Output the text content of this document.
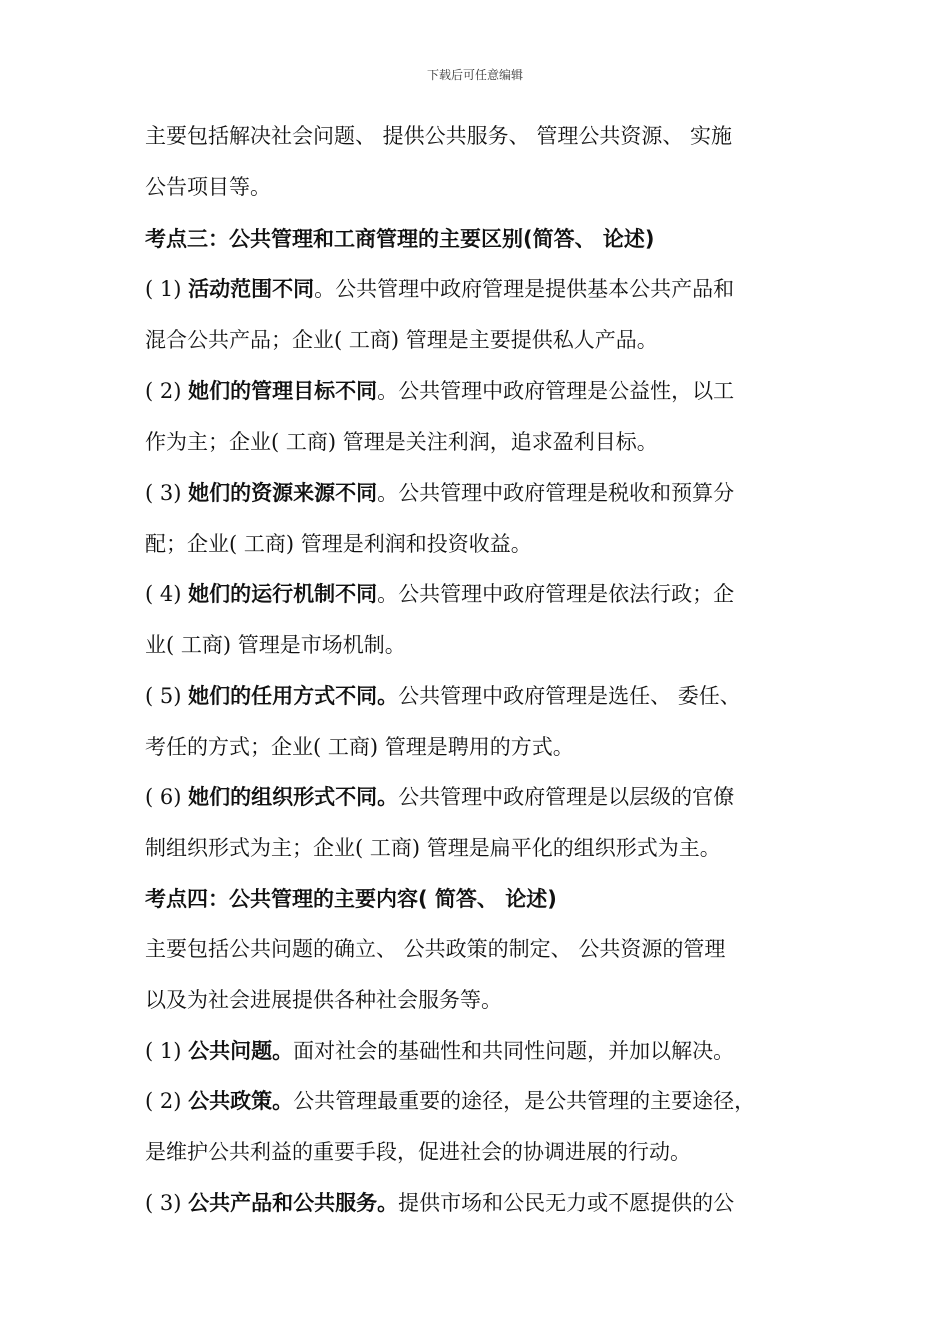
下载后可任意编辑
主要包括解决社会问题、 提供公共服务、 管理公共资源、 实施
公告项目等。
考点三：公共管理和工商管理的主要区别(简答、 论述)
( 1) 活动范围不同。公共管理中政府管理是提供基本公共产品和
混合公共产品；企业( 工商) 管理是主要提供私人产品。
( 2) 她们的管理目标不同。公共管理中政府管理是公益性，以工
作为主；企业( 工商) 管理是关注利润，追求盈利目标。
( 3) 她们的资源来源不同。公共管理中政府管理是税收和预算分
配；企业( 工商) 管理是利润和投资收益。
( 4) 她们的运行机制不同。公共管理中政府管理是依法行政；企
业( 工商) 管理是市场机制。
( 5) 她们的任用方式不同。公共管理中政府管理是选任、 委任、
考任的方式；企业( 工商) 管理是聘用的方式。
( 6) 她们的组织形式不同。公共管理中政府管理是以层级的官僚
制组织形式为主；企业( 工商) 管理是扁平化的组织形式为主。
考点四：公共管理的主要内容( 简答、 论述)
主要包括公共问题的确立、 公共政策的制定、 公共资源的管理
以及为社会进展提供各种社会服务等。
( 1) 公共问题。面对社会的基础性和共同性问题，并加以解决。
( 2) 公共政策。公共管理最重要的途径，是公共管理的主要途径，
是维护公共利益的重要手段，促进社会的协调进展的行动。
( 3) 公共产品和公共服务。提供市场和公民无力或不愿提供的公
